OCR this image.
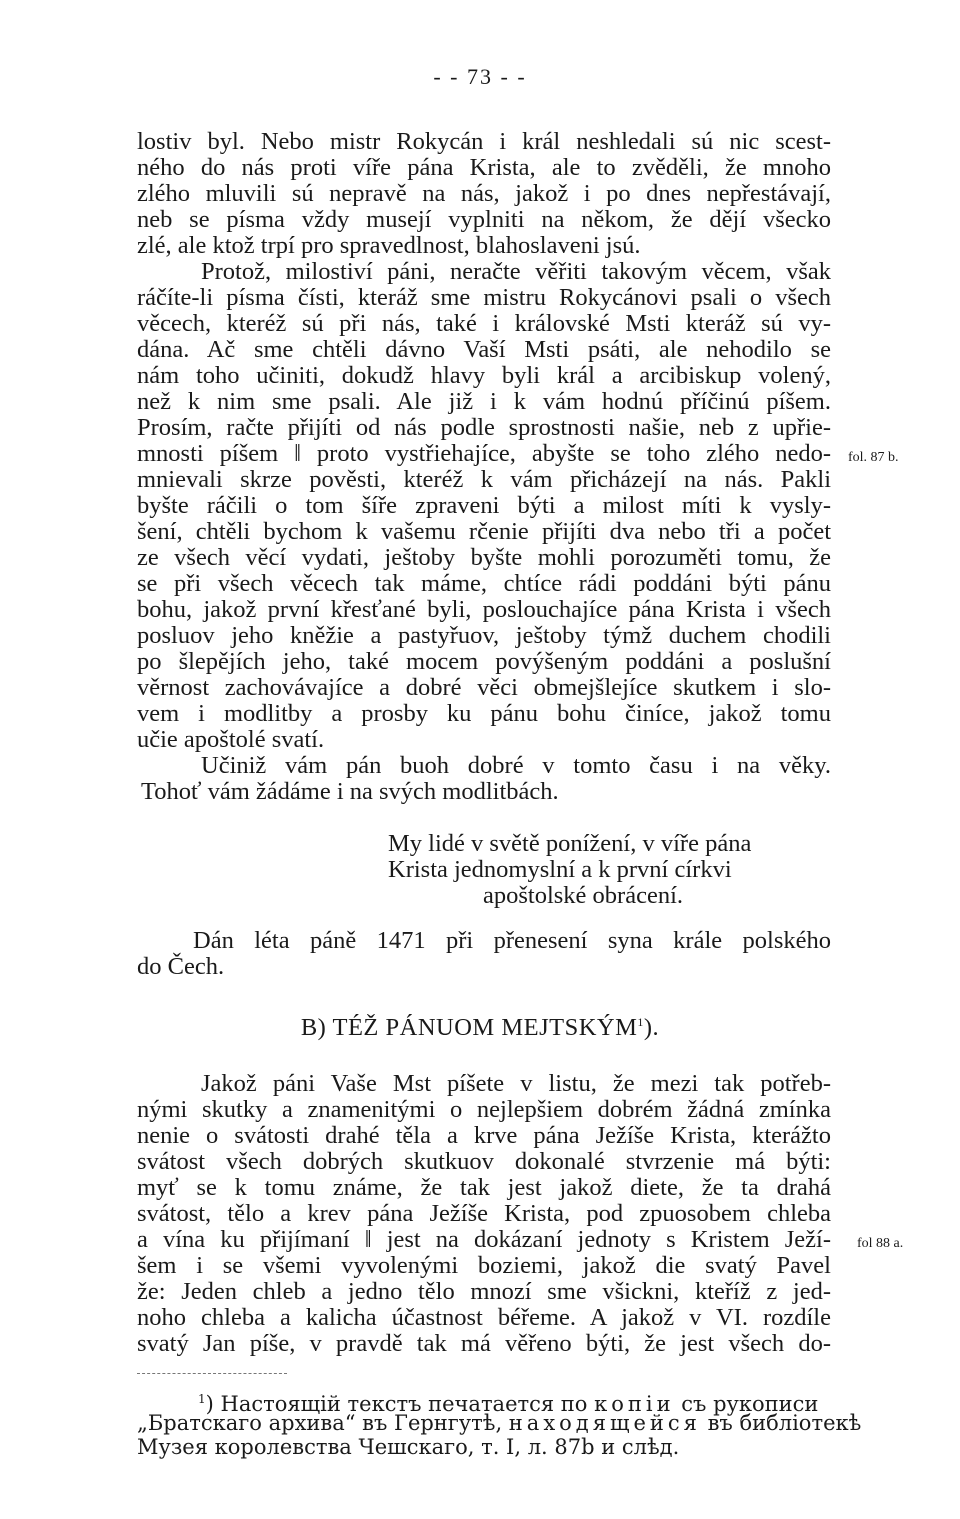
- - 73 - -
lostiv byl. Nebo mistr Rokycán i král neshledali sú nic scest-
ného do nás proti víře pána Krista, ale to zvěděli, že mnoho
zlého mluvili sú nepravě na nás, jakož i po dnes nepřestávají,
neb se písma vždy musejí vyplniti na někom, že dějí všecko
zlé, ale ktož trpí pro spravedlnost, blahoslaveni jsú.
Protož, milostiví páni, neračte věřiti takovým věcem, však
ráčíte-li písma čísti, kteráž sme mistru Rokycánovi psali o všech
věcech, kteréž sú při nás, také i královské Msti kteráž sú vy-
dána. Ač sme chtěli dávno Vaší Msti psáti, ale nehodilo se
nám toho učiniti, dokudž hlavy byli král a arcibiskup volený,
než k nim sme psali. Ale již i k vám hodnú příčinú píšem.
Prosím, račte přijíti od nás podle sprostnosti našie, neb z upřie-
mnosti píšem ‖ proto vystřiehajíce, abyšte se toho zlého nedo-
mnievali skrze pověsti, kteréž k vám přicházejí na nás. Pakli
byšte ráčili o tom šíře zpraveni býti a milost míti k vysly-
šení, chtěli bychom k vašemu rčenie přijíti dva nebo tři a počet
ze všech věcí vydati, ještoby byšte mohli porozuměti tomu, že
se při všech věcech tak máme, chtíce rádi poddáni býti pánu
bohu, jakož první křesťané byli, poslouchajíce pána Krista i všech
posluov jeho kněžie a pastyřuov, ještoby týmž duchem chodili
po šlepějích jeho, také mocem povýšeným poddáni a poslušní
věrnost zachovávajíce a dobré věci obmejšlejíce skutkem i slo-
vem i modlitby a prosby ku pánu bohu činíce, jakož tomu
učie apoštolé svatí.
Učiniž vám pán buoh dobré v tomto času i na věky.
Tohoť vám žádáme i na svých modlitbách.
My lidé v světě ponížení, v víře pána
Krista jednomyslní a k první církvi
apoštolské obrácení.
Dán léta páně 1471 při přenesení syna krále polského
do Čech.
B) TÉŽ PÁNUOM MEJTSKÝM$^1$).
Jakož páni Vaše Mst píšete v listu, že mezi tak potřeb-
nými skutky a znamenitými o nejlepšiem dobrém žádná zmínka
nenie o svátosti drahé těla a krve pána Ježíše Krista, kterážto
svátost všech dobrých skutkuov dokonalé stvrzenie má býti:
myť se k tomu známe, že tak jest jakož diete, že ta drahá
svátost, tělo a krev pána Ježíše Krista, pod zpuosobem chleba
a vína ku přijímaní ‖ jest na dokázaní jednoty s Kristem Ježí-
šem i se všemi vyvolenými boziemi, jakož die svatý Pavel
že: Jeden chleb a jedno tělo mnozí sme všickni, kteříž z jed-
noho chleba a kalicha účastnost béřeme. A jakož v VI. rozdíle
svatý Jan píše, v pravdě tak má věřeno býti, že jest všech do-
fol. 87 b.
fol 88 a.
$^1$) Настоящій текстъ печатается по копіи съ рукописи
„Братскаго архива“ въ Гернгутѣ, находящейся въ библіотекѣ
Музея королевства Чешскаго, т. I, л. 87b и слѣд.
